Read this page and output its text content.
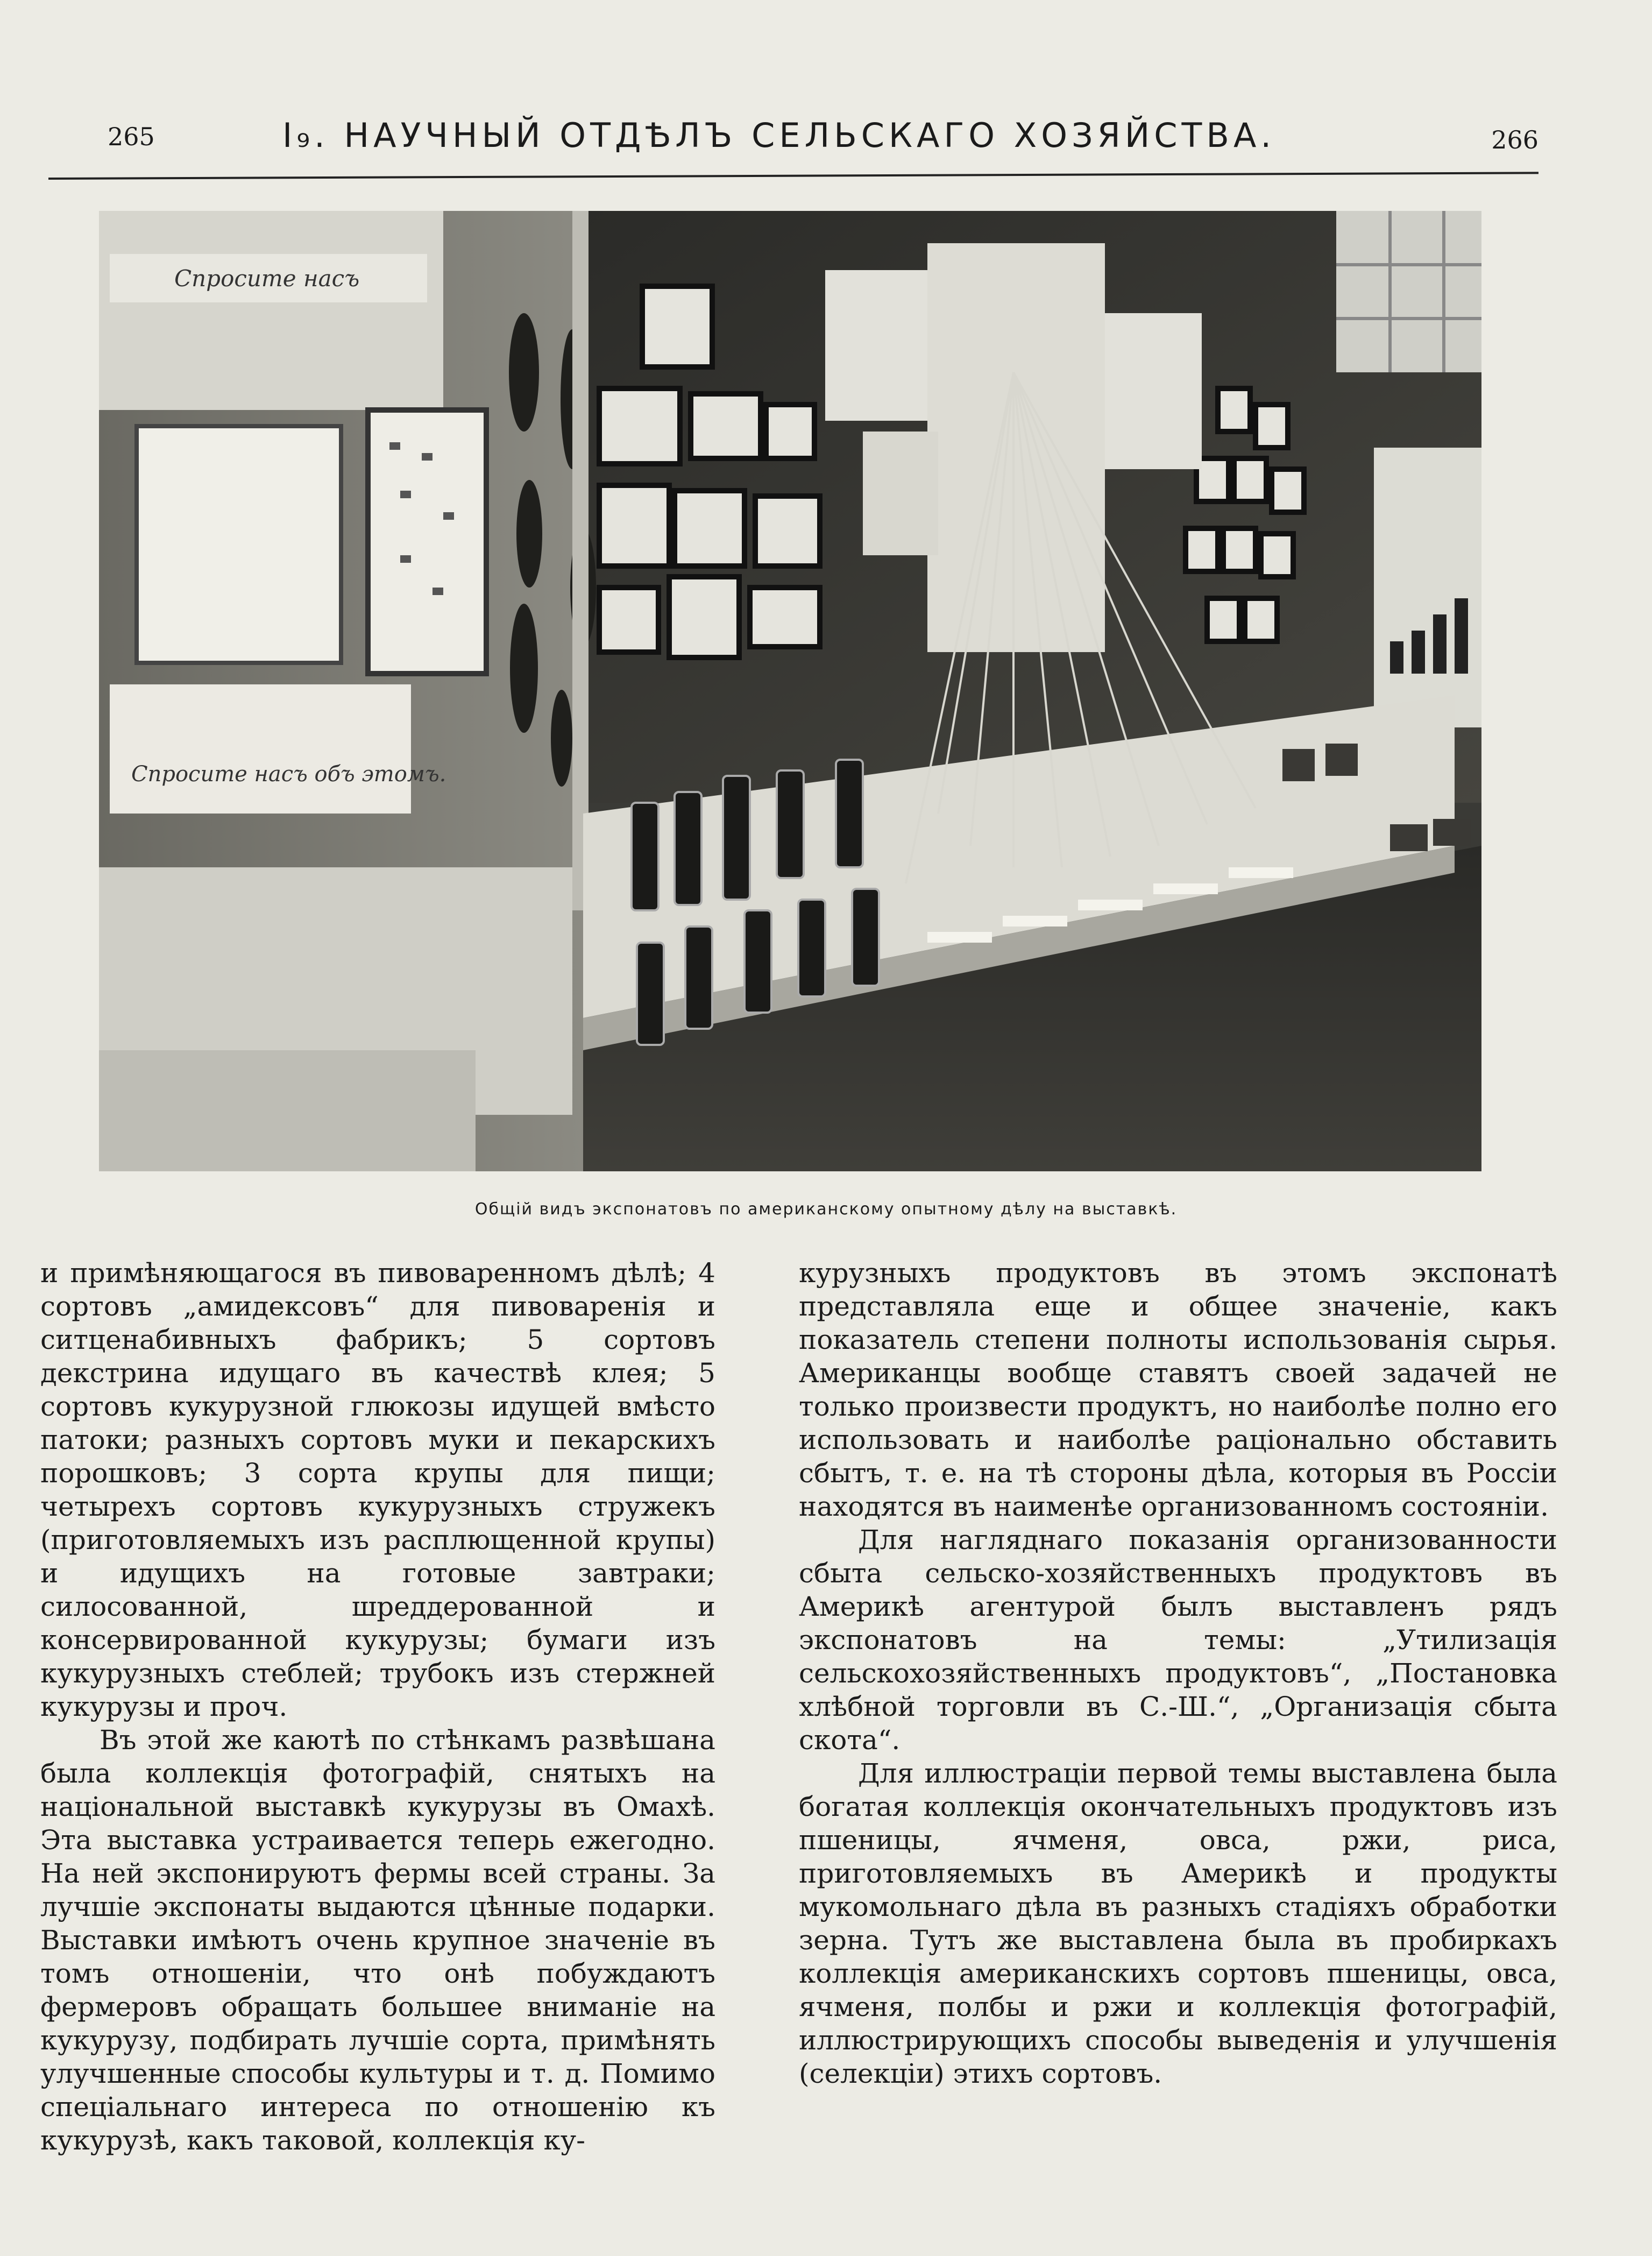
265	I₉. НАУЧНЫЙ ОТДѢЛЪ СЕЛЬСКАГО ХОЗЯЙСТВА.	266
Спросите насъ
Спросите насъ объ этомъ.
Общій видъ экспонатовъ по американскому опытному дѣлу на выставкѣ.

и примѣняющагося въ пивоваренномъ дѣлѣ; 4 сортовъ „амидексовъ“ для пивоваренія и ситценабивныхъ фабрикъ; 5 сортовъ декстрина идущаго въ качествѣ клея; 5 сортовъ кукурузной глюкозы идущей вмѣсто патоки; разныхъ сортовъ муки и пекарскихъ порошковъ; 3 сорта крупы для пищи; четырехъ сортовъ кукурузныхъ стружекъ (приготовляемыхъ изъ расплющенной крупы) и идущихъ на готовые завтраки; силосованной, шреддерованной и консервированной кукурузы; бумаги изъ кукурузныхъ стеблей; трубокъ изъ стержней кукурузы и проч.

Въ этой же каютѣ по стѣнкамъ развѣшана была коллекція фотографій, снятыхъ на національной выставкѣ кукурузы въ Омахѣ. Эта выставка устраивается теперь ежегодно. На ней экспонируютъ фермы всей страны. За лучшіе экспонаты выдаются цѣнные подарки. Выставки имѣютъ очень крупное значеніе въ томъ отношеніи, что онѣ побуждаютъ фермеровъ обращать большее вниманіе на кукурузу, подбирать лучшіе сорта, примѣнять улучшенные способы культуры и т. д. Помимо спеціальнаго интереса по отношенію къ кукурузѣ, какъ таковой, коллекція ку-

курузныхъ продуктовъ въ этомъ экспонатѣ представляла еще и общее значеніе, какъ показатель степени полноты использованія сырья. Американцы вообще ставятъ своей задачей не только произвести продуктъ, но наиболѣе полно его использовать и наиболѣе раціонально обставить сбытъ, т. е. на тѣ стороны дѣла, которыя въ Россіи находятся въ наименѣе организованномъ состояніи.

Для нагляднаго показанія организованности сбыта сельско-хозяйственныхъ продуктовъ въ Америкѣ агентурой былъ выставленъ рядъ экспонатовъ на темы: „Утилизація сельскохозяйственныхъ продуктовъ“, „Постановка хлѣбной торговли въ С.-Ш.“, „Организація сбыта скота“.

Для иллюстраціи первой темы выставлена была богатая коллекція окончательныхъ продуктовъ изъ пшеницы, ячменя, овса, ржи, риса, приготовляемыхъ въ Америкѣ и продукты мукомольнаго дѣла въ разныхъ стадіяхъ обработки зерна. Тутъ же выставлена была въ пробиркахъ коллекція американскихъ сортовъ пшеницы, овса, ячменя, полбы и ржи и коллекція фотографій, иллюстрирующихъ способы выведенія и улучшенія (селекціи) этихъ сортовъ.
